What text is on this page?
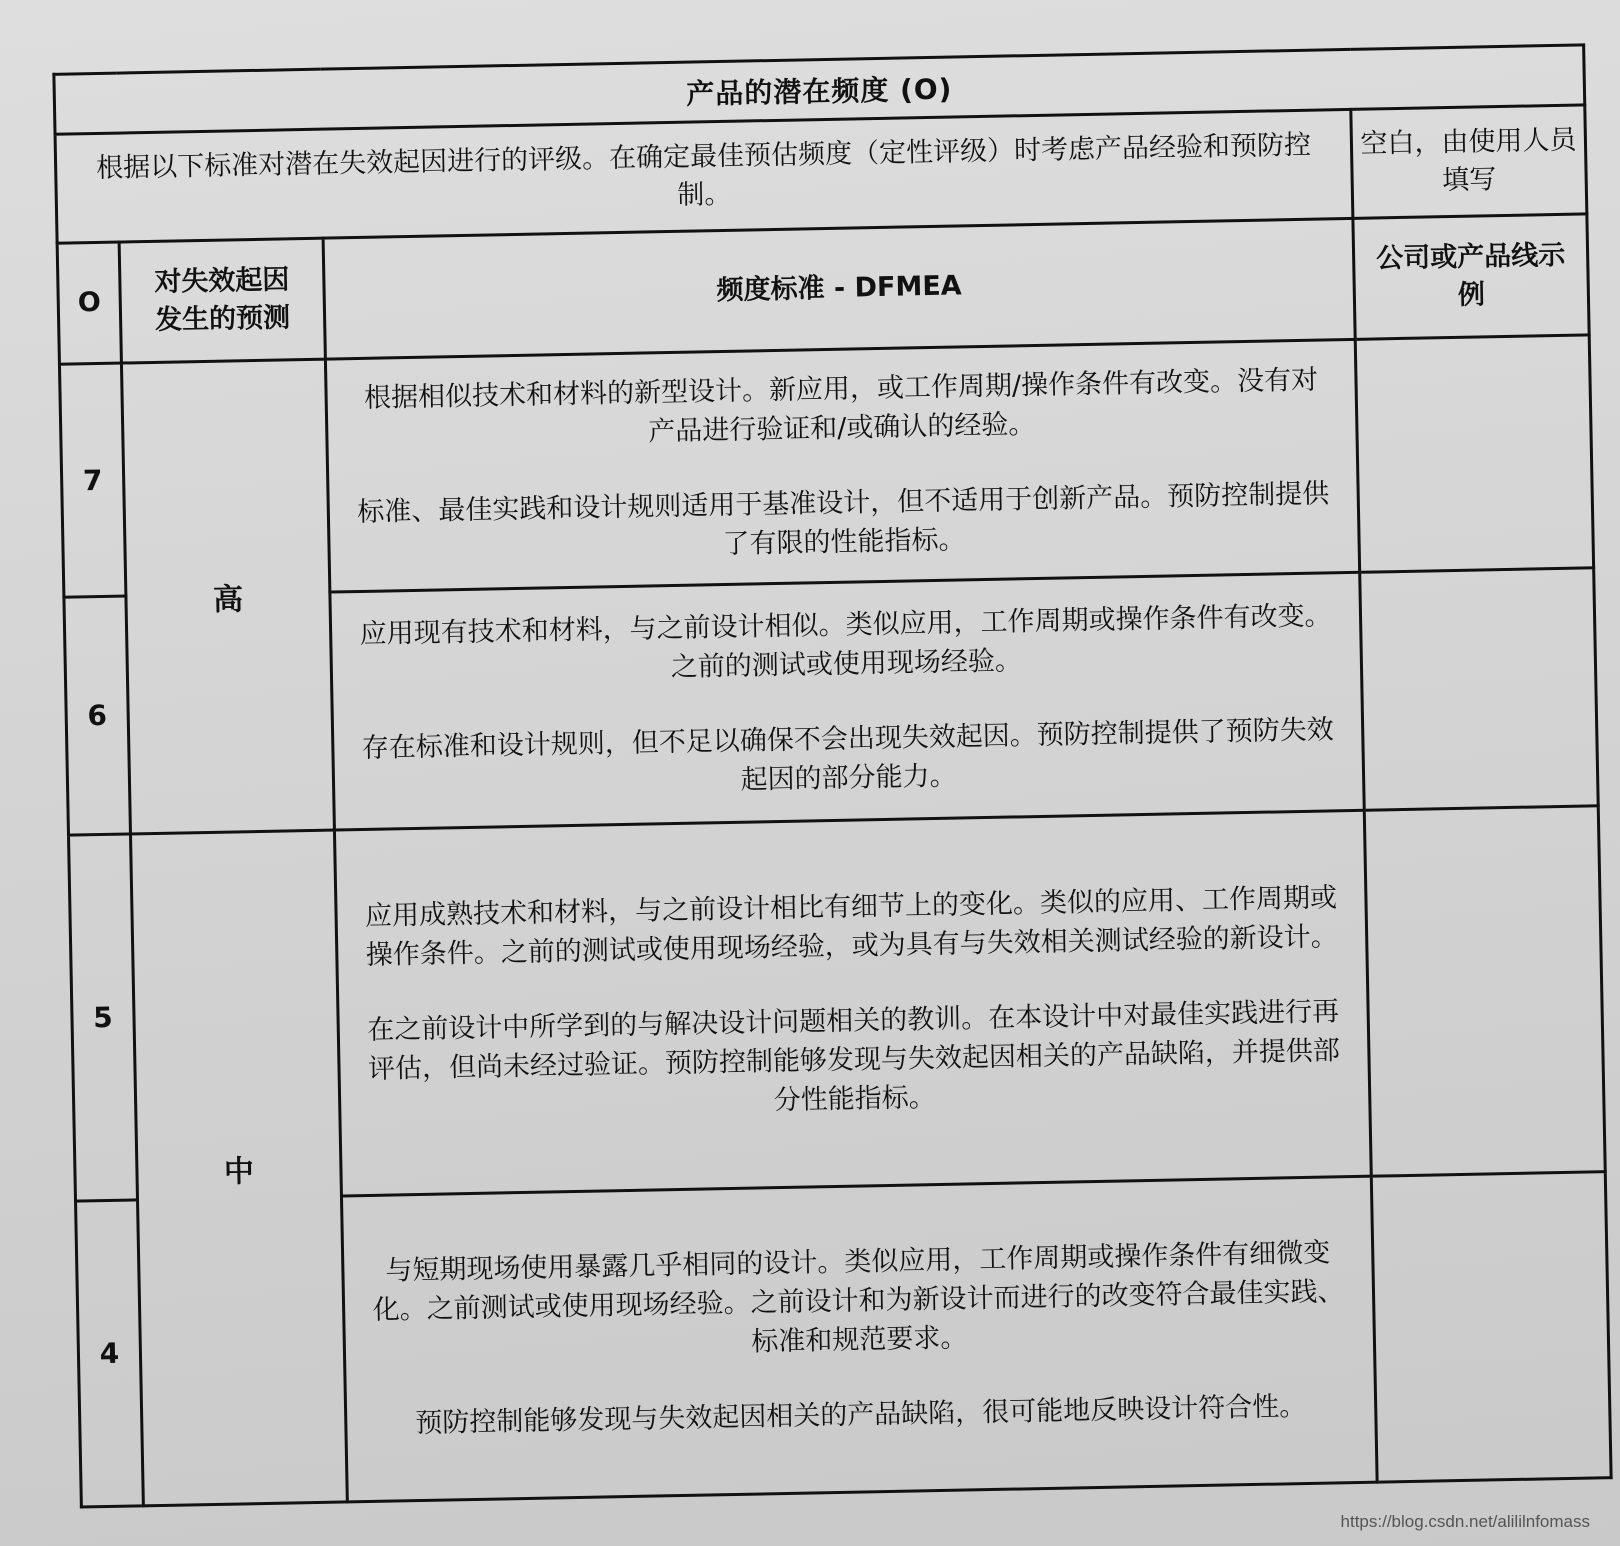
产品的潜在频度 (O)			
根据以下标准对潜在失效起因进行的评级。在确定最佳预估频度（定性评级）时考虑产品经验和预防控制。			空白，由使用人员填写
O	对失效起因发生的预测	频度标准 - DFMEA	公司或产品线示例
7	高	根据相似技术和材料的新型设计。新应用，或工作周期/操作条件有改变。没有对产品进行验证和/或确认的经验。

标准、最佳实践和设计规则适用于基准设计，但不适用于创新产品。预防控制提供了有限的性能指标。	

6		应用现有技术和材料，与之前设计相似。类似应用，工作周期或操作条件有改变。之前的测试或使用现场经验。

存在标准和设计规则，但不足以确保不会出现失效起因。预防控制提供了预防失效起因的部分能力。	

5	中	应用成熟技术和材料，与之前设计相比有细节上的变化。类似的应用、工作周期或操作条件。之前的测试或使用现场经验，或为具有与失效相关测试经验的新设计。

在之前设计中所学到的与解决设计问题相关的教训。在本设计中对最佳实践进行再评估，但尚未经过验证。预防控制能够发现与失效起因相关的产品缺陷，并提供部分性能指标。	

4		与短期现场使用暴露几乎相同的设计。类似应用，工作周期或操作条件有细微变化。之前测试或使用现场经验。之前设计和为新设计而进行的改变符合最佳实践、标准和规范要求。

预防控制能够发现与失效起因相关的产品缺陷，很可能地反映设计符合性。	

https://blog.csdn.net/alililnfomass
